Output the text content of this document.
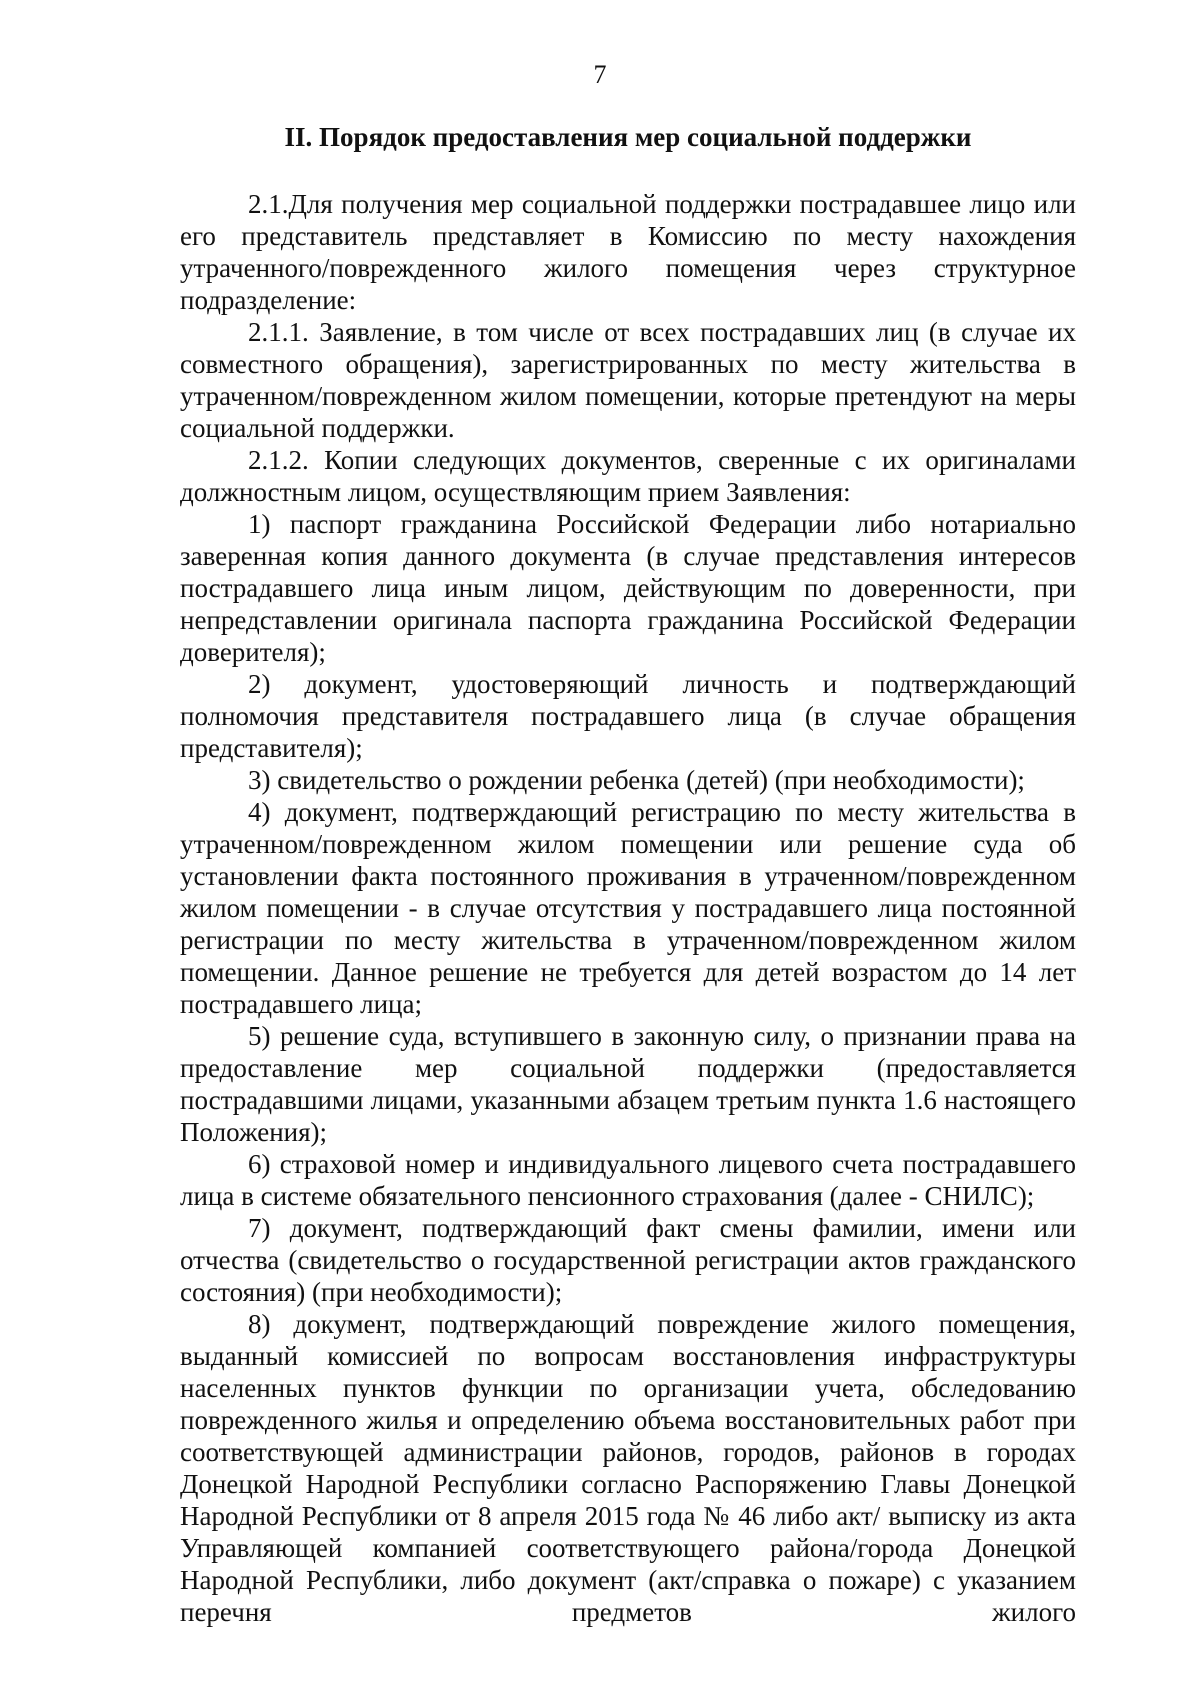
7
II. Порядок предоставления мер социальной поддержки

2.1.Для получения мер социальной поддержки пострадавшее лицо или его представитель представляет в Комиссию по месту нахождения утраченного/поврежденного жилого помещения через структурное подразделение:

2.1.1. Заявление, в том числе от всех пострадавших лиц (в случае их совместного обращения), зарегистрированных по месту жительства в утраченном/поврежденном жилом помещении, которые претендуют на меры социальной поддержки.

2.1.2. Копии следующих документов, сверенные с их оригиналами должностным лицом, осуществляющим прием Заявления:

1) паспорт гражданина Российской Федерации либо нотариально заверенная копия данного документа (в случае представления интересов пострадавшего лица иным лицом, действующим по доверенности, при непредставлении оригинала паспорта гражданина Российской Федерации доверителя);

2) документ, удостоверяющий личность и подтверждающий полномочия представителя пострадавшего лица (в случае обращения представителя);

3) свидетельство о рождении ребенка (детей) (при необходимости);

4) документ, подтверждающий регистрацию по месту жительства в утраченном/поврежденном жилом помещении или решение суда об установлении факта постоянного проживания в утраченном/поврежденном жилом помещении - в случае отсутствия у пострадавшего лица постоянной регистрации по месту жительства в утраченном/поврежденном жилом помещении. Данное решение не требуется для детей возрастом до 14 лет пострадавшего лица;

5) решение суда, вступившего в законную силу, о признании права на предоставление мер социальной поддержки (предоставляется пострадавшими лицами, указанными абзацем третьим пункта 1.6 настоящего Положения);

6) страховой номер и индивидуального лицевого счета пострадавшего лица в системе обязательного пенсионного страхования (далее - СНИЛС);

7) документ, подтверждающий факт смены фамилии, имени или отчества (свидетельство о государственной регистрации актов гражданского состояния) (при необходимости);

8) документ, подтверждающий повреждение жилого помещения, выданный комиссией по вопросам восстановления инфраструктуры населенных пунктов функции по организации учета, обследованию поврежденного жилья и определению объема восстановительных работ при соответствующей администрации районов, городов, районов в городах Донецкой Народной Республики согласно Распоряжению Главы Донецкой Народной Республики от 8 апреля 2015 года № 46 либо акт/ выписку из акта Управляющей компанией соответствующего района/города Донецкой Народной Республики, либо документ (акт/справка о пожаре) с указанием перечня предметов жилого
